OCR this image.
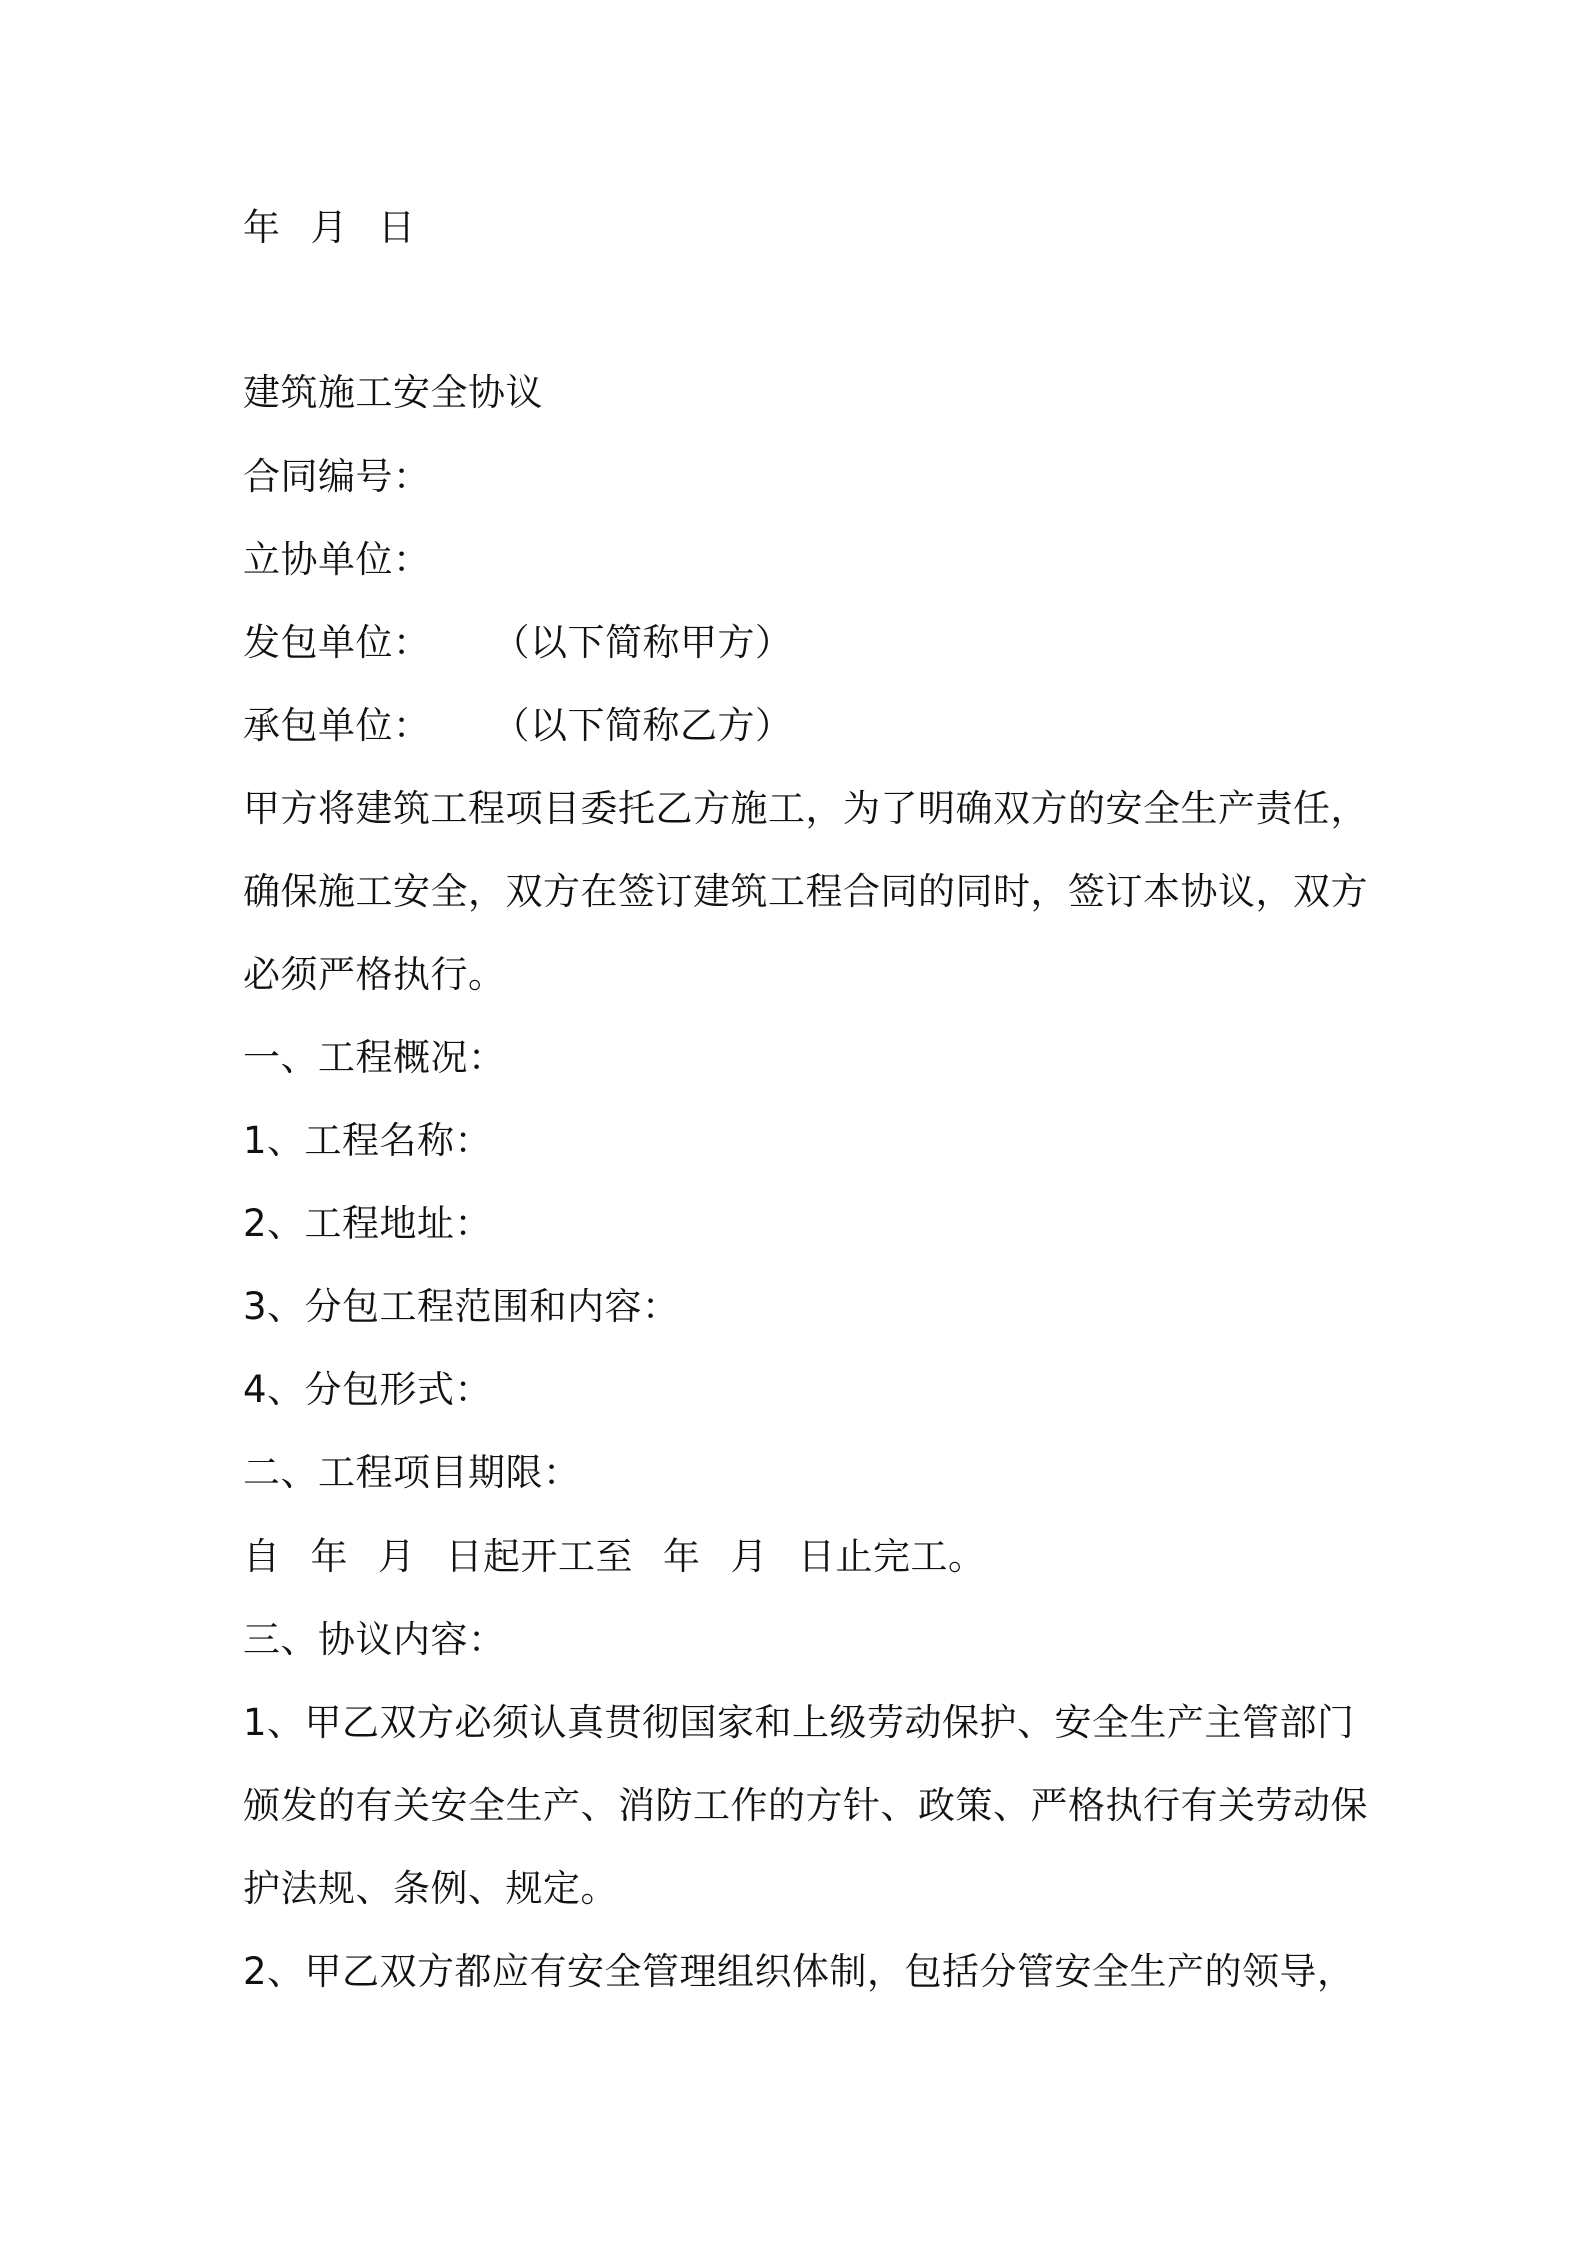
年 月 日
建筑施工安全协议
合同编号：
立协单位：
发包单位： （以下简称甲方）
承包单位： （以下简称乙方）
甲方将建筑工程项目委托乙方施工，为了明确双方的安全生产责任，
确保施工安全，双方在签订建筑工程合同的同时，签订本协议，双方
必须严格执行。
一、工程概况：
1、工程名称：
2、工程地址：
3、分包工程范围和内容：
4、分包形式：
二、工程项目期限：
自 年 月 日起开工至 年 月 日止完工。
三、协议内容：
1、甲乙双方必须认真贯彻国家和上级劳动保护、安全生产主管部门
颁发的有关安全生产、消防工作的方针、政策、严格执行有关劳动保
护法规、条例、规定。
2、甲乙双方都应有安全管理组织体制，包括分管安全生产的领导，
